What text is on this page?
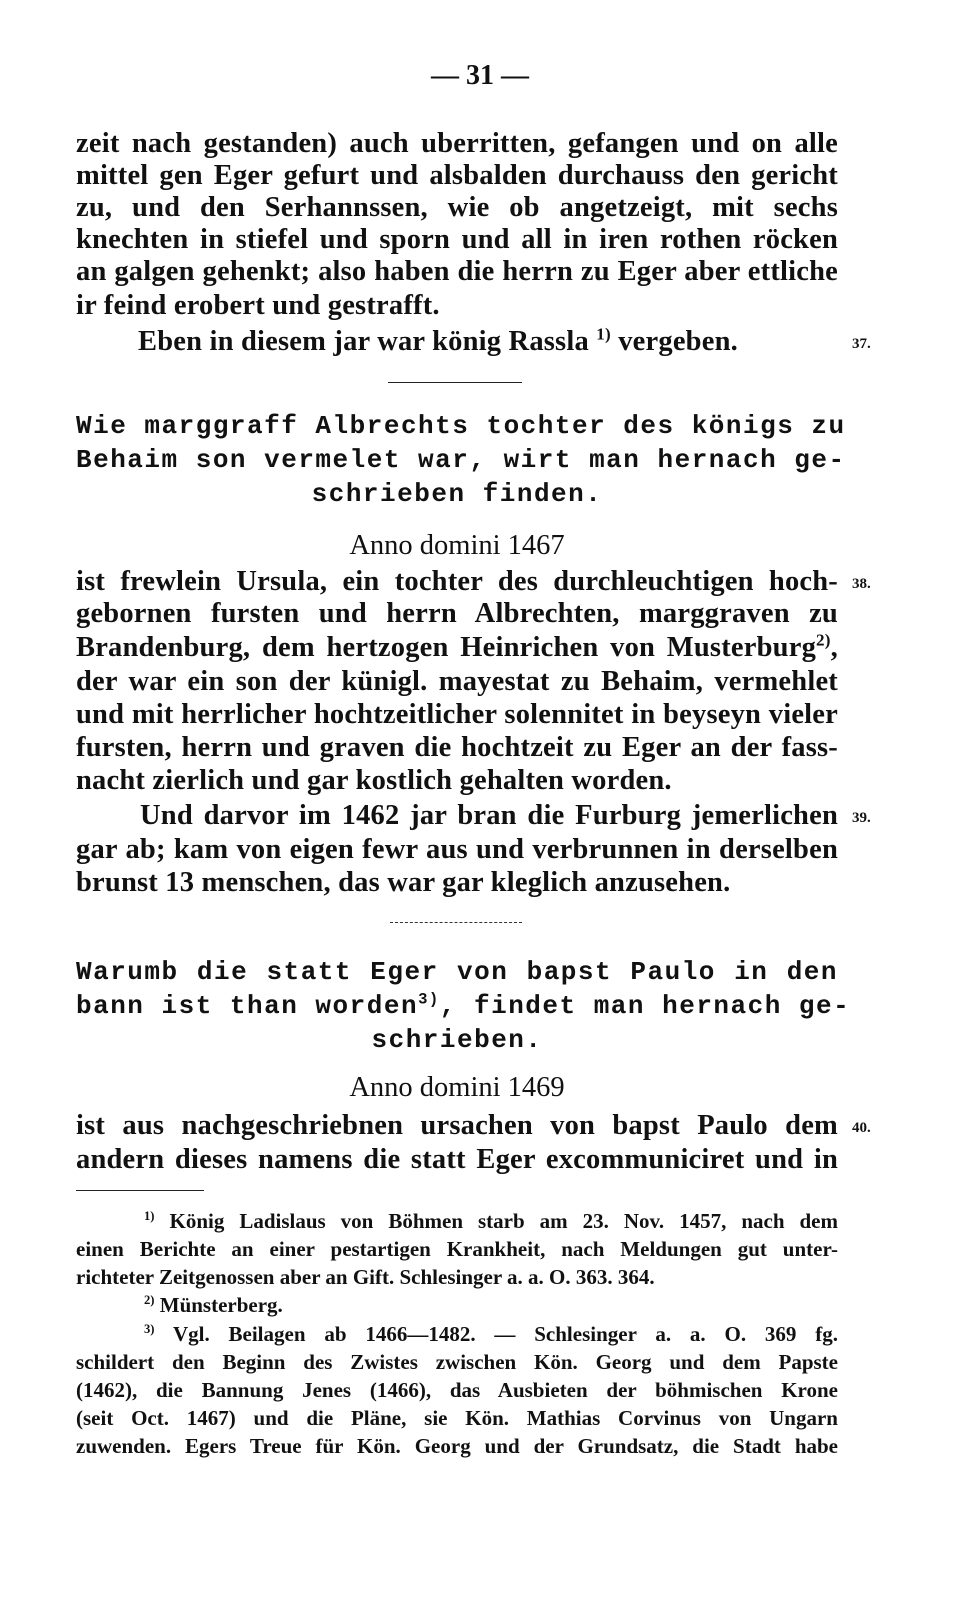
— 31 —
zeit nach gestanden) auch uberritten, gefangen und on alle
mittel gen Eger gefurt und alsbalden durchauss den gericht
zu, und den Serhannssen, wie ob angetzeigt, mit sechs
knechten in stiefel und sporn und all in iren rothen röcken
an galgen gehenkt; also haben die herrn zu Eger aber ettliche
ir feind erobert und gestrafft.
Eben in diesem jar war könig Rassla $^{1)}$ vergeben.	37.
Wie marggraff Albrechts tochter des königs zu
Behaim son vermelet war, wirt man hernach ge-
schrieben finden.
Anno domini 1467
ist frewlein Ursula, ein tochter des durchleuchtigen hoch- 38.
gebornen fursten und herrn Albrechten, marggraven zu
Brandenburg, dem hertzogen Heinrichen von Musterburg$^{2)}$,
der war ein son der künigl. mayestat zu Behaim, vermehlet
und mit herrlicher hochtzeitlicher solennitet in beyseyn vieler
fursten, herrn und graven die hochtzeit zu Eger an der fass-
nacht zierlich und gar kostlich gehalten worden.
Und darvor im 1462 jar bran die Furburg jemerlichen 39.
gar ab; kam von eigen fewr aus und verbrunnen in derselben
brunst 13 menschen, das war gar kleglich anzusehen.
Warumb die statt Eger von bapst Paulo in den
bann ist than worden$^{3)}$, findet man hernach ge-
schrieben.
Anno domini 1469
ist aus nachgeschriebnen ursachen von bapst Paulo dem 40.
andern dieses namens die statt Eger excommuniciret und in
$^{1)}$ König Ladislaus von Böhmen starb am 23. Nov. 1457, nach dem
einen Berichte an einer pestartigen Krankheit, nach Meldungen gut unter-
richteter Zeitgenossen aber an Gift. Schlesinger a. a. O. 363. 364.
$^{2)}$ Münsterberg.
$^{3)}$ Vgl. Beilagen ab 1466—1482. — Schlesinger a. a. O. 369 fg.
schildert den Beginn des Zwistes zwischen Kön. Georg und dem Papste
(1462), die Bannung Jenes (1466), das Ausbieten der böhmischen Krone
(seit Oct. 1467) und die Pläne, sie Kön. Mathias Corvinus von Ungarn
zuwenden. Egers Treue für Kön. Georg und der Grundsatz, die Stadt habe
